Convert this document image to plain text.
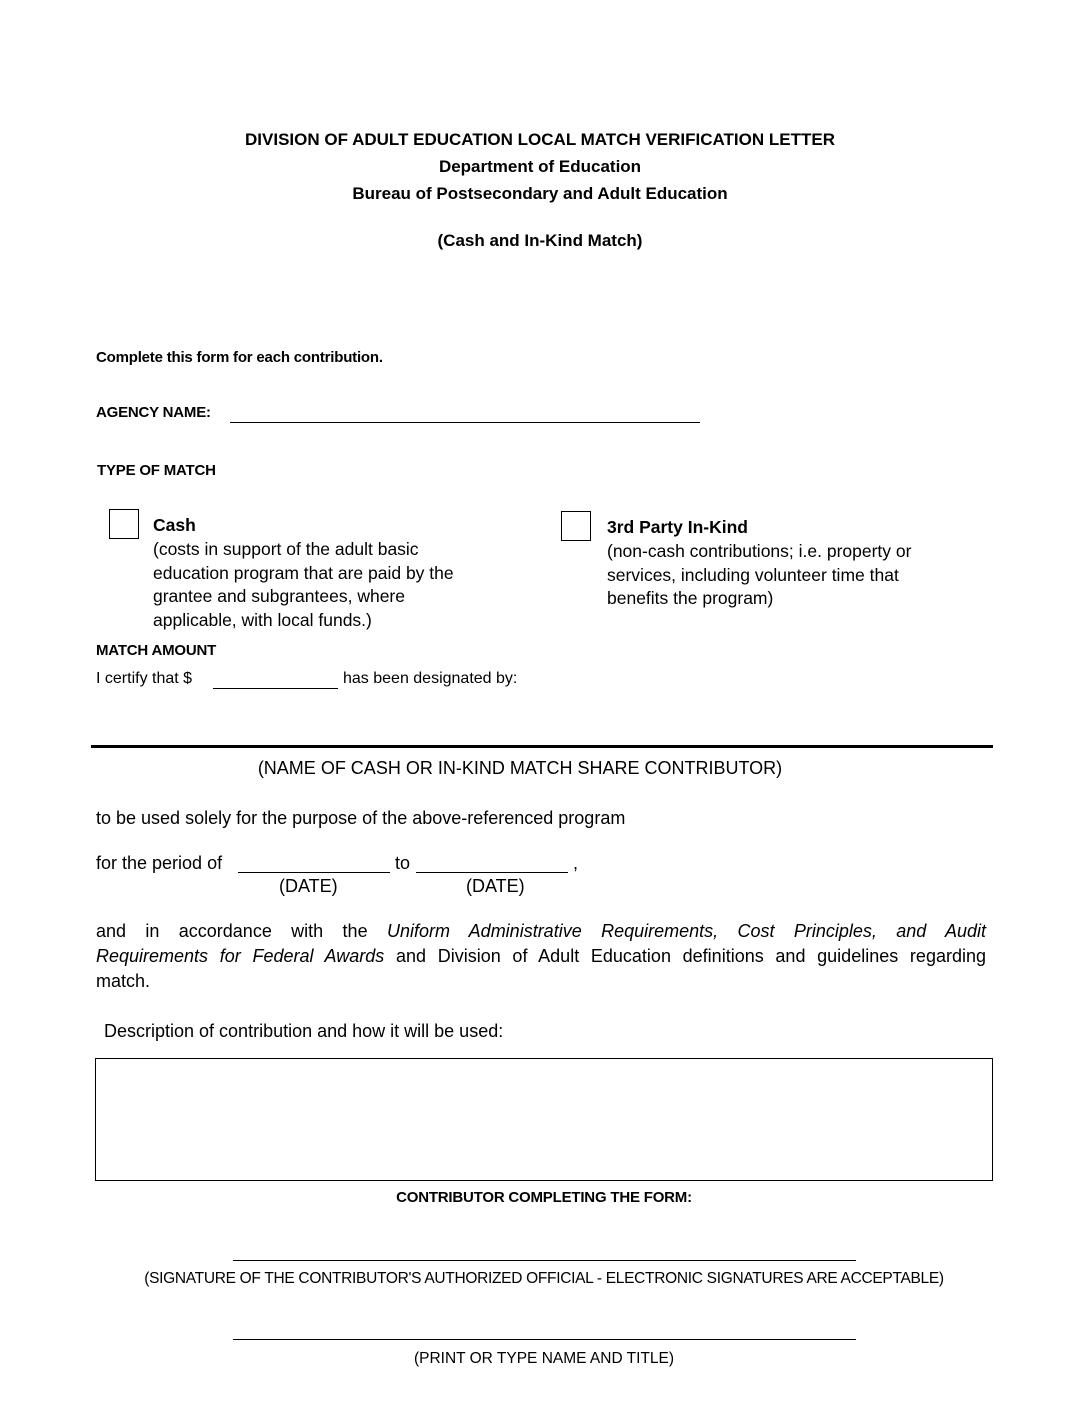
DIVISION OF ADULT EDUCATION LOCAL MATCH VERIFICATION LETTER
Department of Education
Bureau of Postsecondary and Adult Education
(Cash and In-Kind Match)
Complete this form for each contribution.
AGENCY NAME:
TYPE OF MATCH
Cash
(costs in support of the adult basic
education program that are paid by the
grantee and subgrantees, where
applicable, with local funds.)
3rd Party In-Kind
(non-cash contributions; i.e. property or
services, including volunteer time that
benefits the program)
MATCH AMOUNT
I certify that $	has been designated by:
(NAME OF CASH OR IN-KIND MATCH SHARE CONTRIBUTOR)
to be used solely for the purpose of the above-referenced program
for the period of	to	,
(DATE)	(DATE)
and in accordance with the Uniform Administrative Requirements, Cost Principles, and Audit
Requirements for Federal Awards and Division of Adult Education definitions and guidelines regarding
match.
Description of contribution and how it will be used:
CONTRIBUTOR COMPLETING THE FORM:
(SIGNATURE OF THE CONTRIBUTOR'S AUTHORIZED OFFICIAL - ELECTRONIC SIGNATURES ARE ACCEPTABLE)
(PRINT OR TYPE NAME AND TITLE)
